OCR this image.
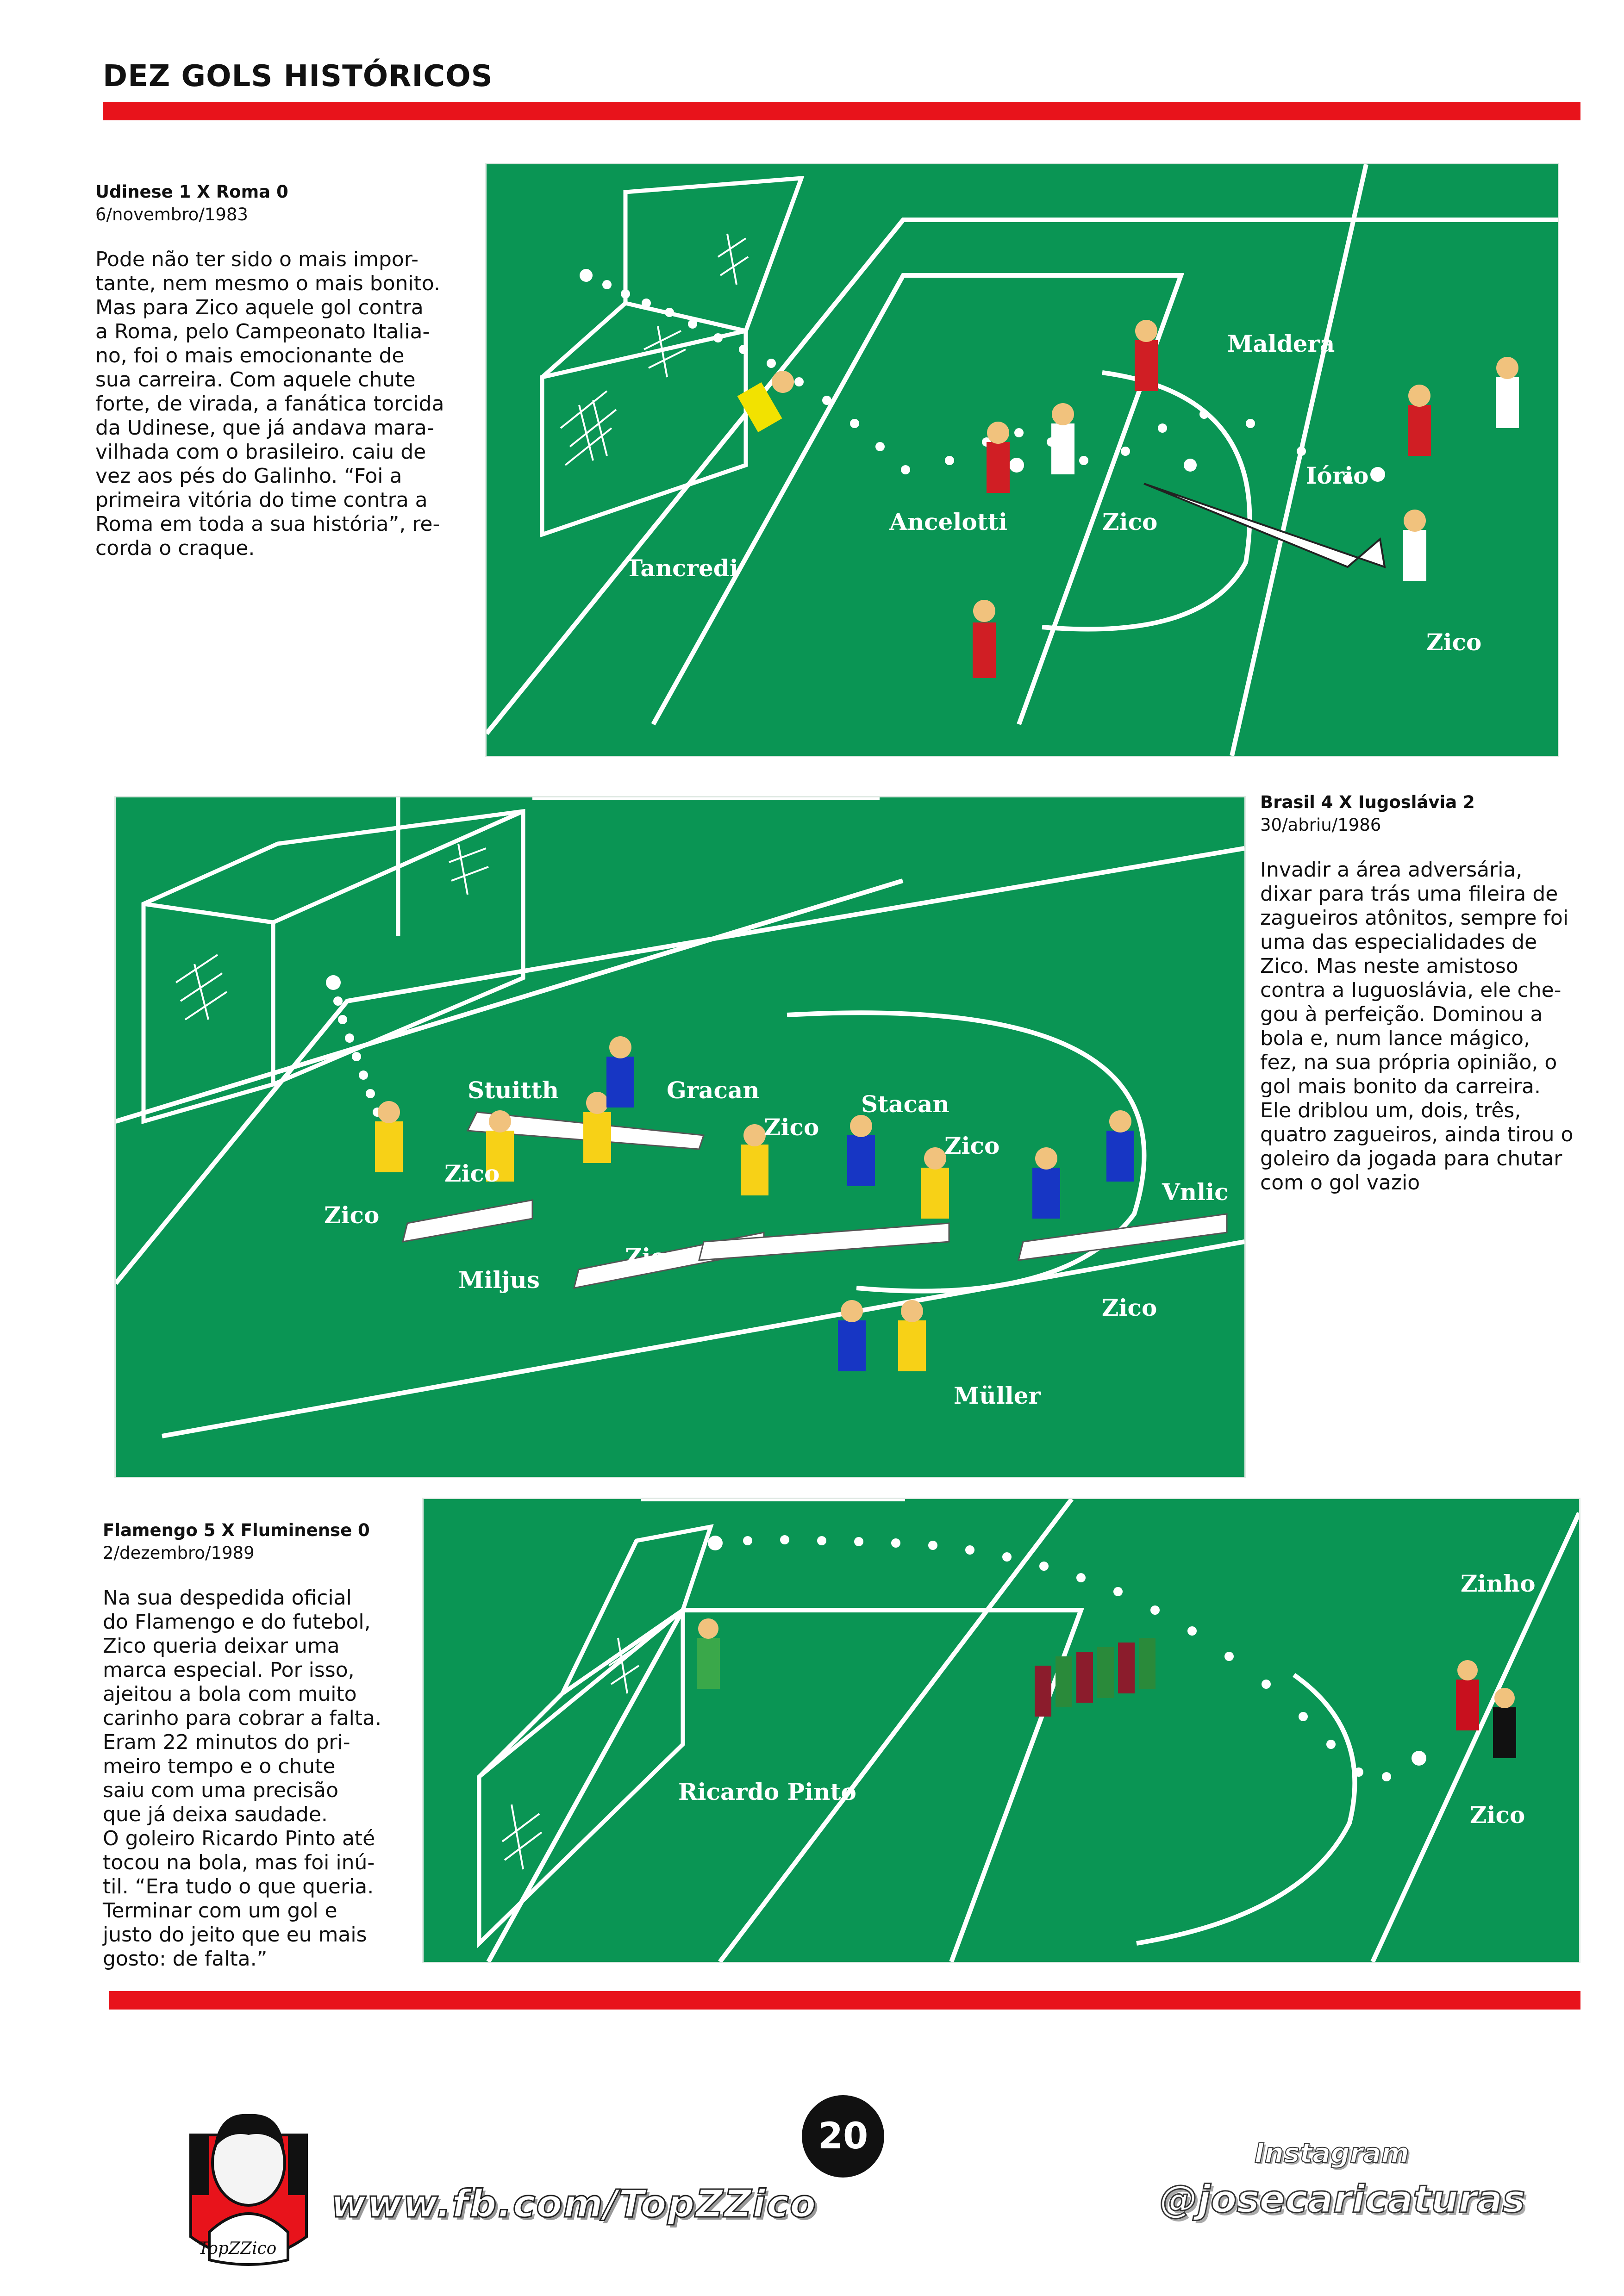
DEZ GOLS HISTÓRICOS

Udinese 1 X Roma 0

6/novembro/1983

Pode não ter sido o mais impor-
tante, nem mesmo o mais bonito.
Mas para Zico aquele gol contra
a Roma, pelo Campeonato Italia-
no, foi o mais emocionante de
sua carreira. Com aquele chute
forte, de virada, a fanática torcida
da Udinese, que já andava mara-
vilhada com o brasileiro. caiu de
vez aos pés do Galinho. “Foi a
primeira vitória do time contra a
Roma em toda a sua história”, re-
corda o craque.

Maldera
Iório
Ancelotti	Zico
Zico
Tancredi
Stuitth	Gracan
Stacan
Zico
Zico
Zico
Zico
Zico
Zico
Vnlic
Miljus
Müller

Brasil 4 X Iugoslávia 2

30/abriu/1986

Invadir a área adversária,
dixar para trás uma fileira de
zagueiros atônitos, sempre foi
uma das especialidades de
Zico. Mas neste amistoso
contra a Iuguoslávia, ele che-
gou à perfeição. Dominou a
bola e, num lance mágico,
fez, na sua própria opinião, o
gol mais bonito da carreira.
Ele driblou um, dois, três,
quatro zagueiros, ainda tirou o
goleiro da jogada para chutar
com o gol vazio

Flamengo 5 X Fluminense 0

2/dezembro/1989

Na sua despedida oficial
do Flamengo e do futebol,
Zico queria deixar uma
marca especial. Por isso,
ajeitou a bola com muito
carinho para cobrar a falta.
Eram 22 minutos do pri-
meiro tempo e o chute
saiu com uma precisão
que já deixa saudade.
O goleiro Ricardo Pinto até
tocou na bola, mas foi inú-
til. “Era tudo o que queria.
Terminar com um gol e
justo do jeito que eu mais
gosto: de falta.”

Zinho
Ricardo Pinto
Zico
TopZZico
20
www.fb.com/TopZZico
Instagram
@josecaricaturas
